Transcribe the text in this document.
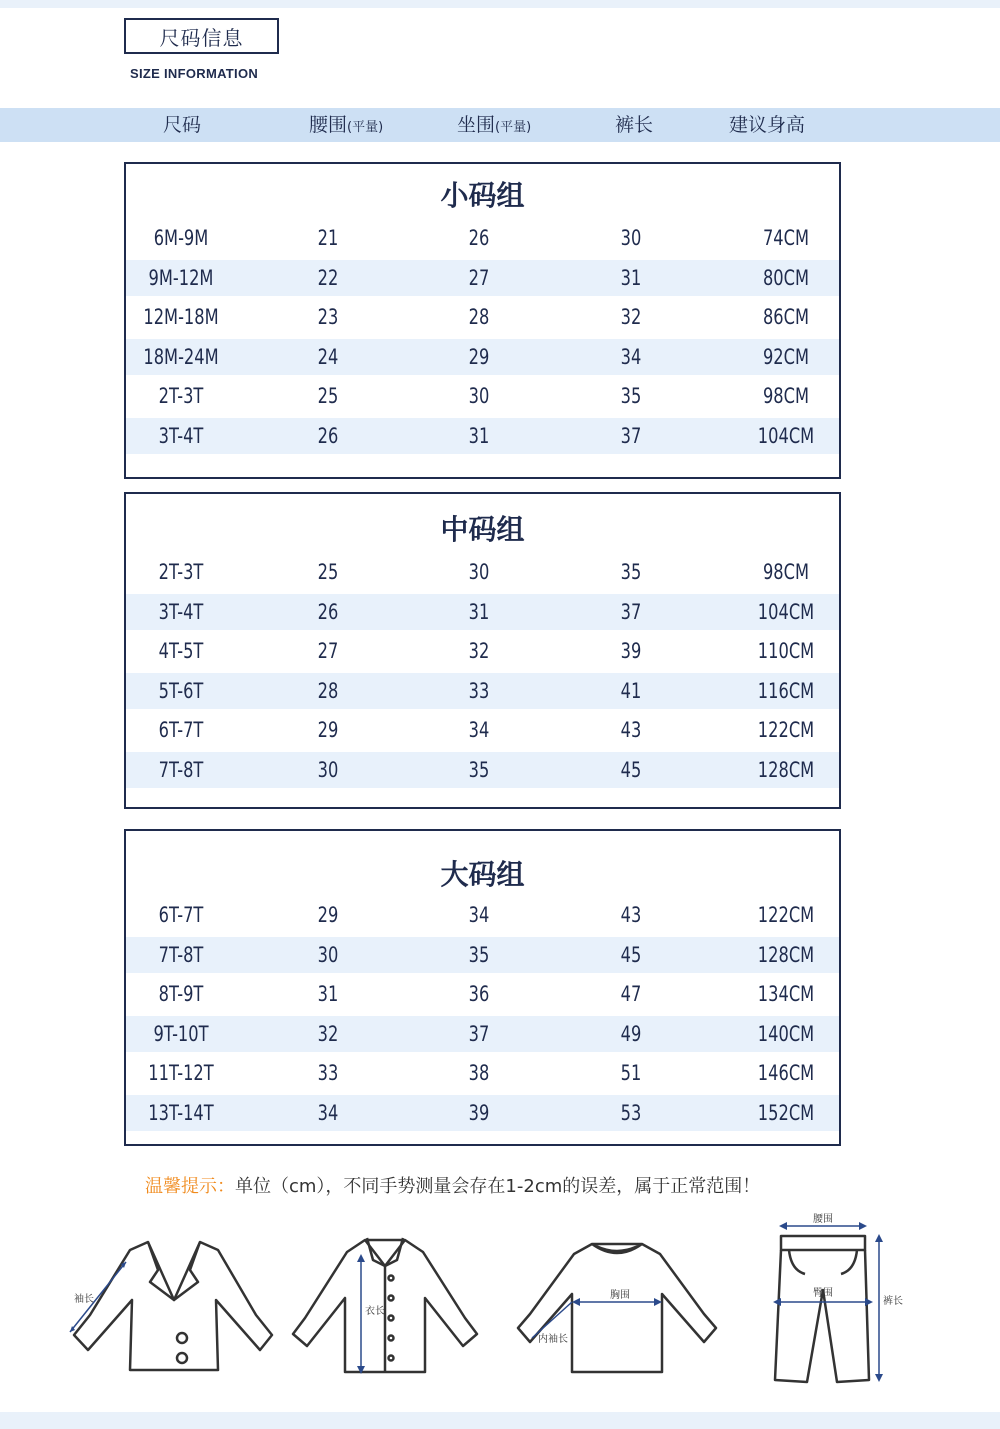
尺码信息
SIZE INFORMATION
尺码	腰围(平量)	坐围(平量)	裤长	建议身高
小码组
6M-9M	21	26	30	74CM
9M-12M	22	27	31	80CM
12M-18M	23	28	32	86CM
18M-24M	24	29	34	92CM
2T-3T	25	30	35	98CM
3T-4T	26	31	37	104CM
中码组
2T-3T	25	30	35	98CM
3T-4T	26	31	37	104CM
4T-5T	27	32	39	110CM
5T-6T	28	33	41	116CM
6T-7T	29	34	43	122CM
7T-8T	30	35	45	128CM
大码组
6T-7T	29	34	43	122CM
7T-8T	30	35	45	128CM
8T-9T	31	36	47	134CM
9T-10T	32	37	49	140CM
11T-12T	33	38	51	146CM
13T-14T	34	39	53	152CM
温馨提示：单位（cm），不同手势测量会存在1-2cm的误差，属于正常范围！
袖长
衣长
胸围
内袖长
腰围
臀围
裤长
